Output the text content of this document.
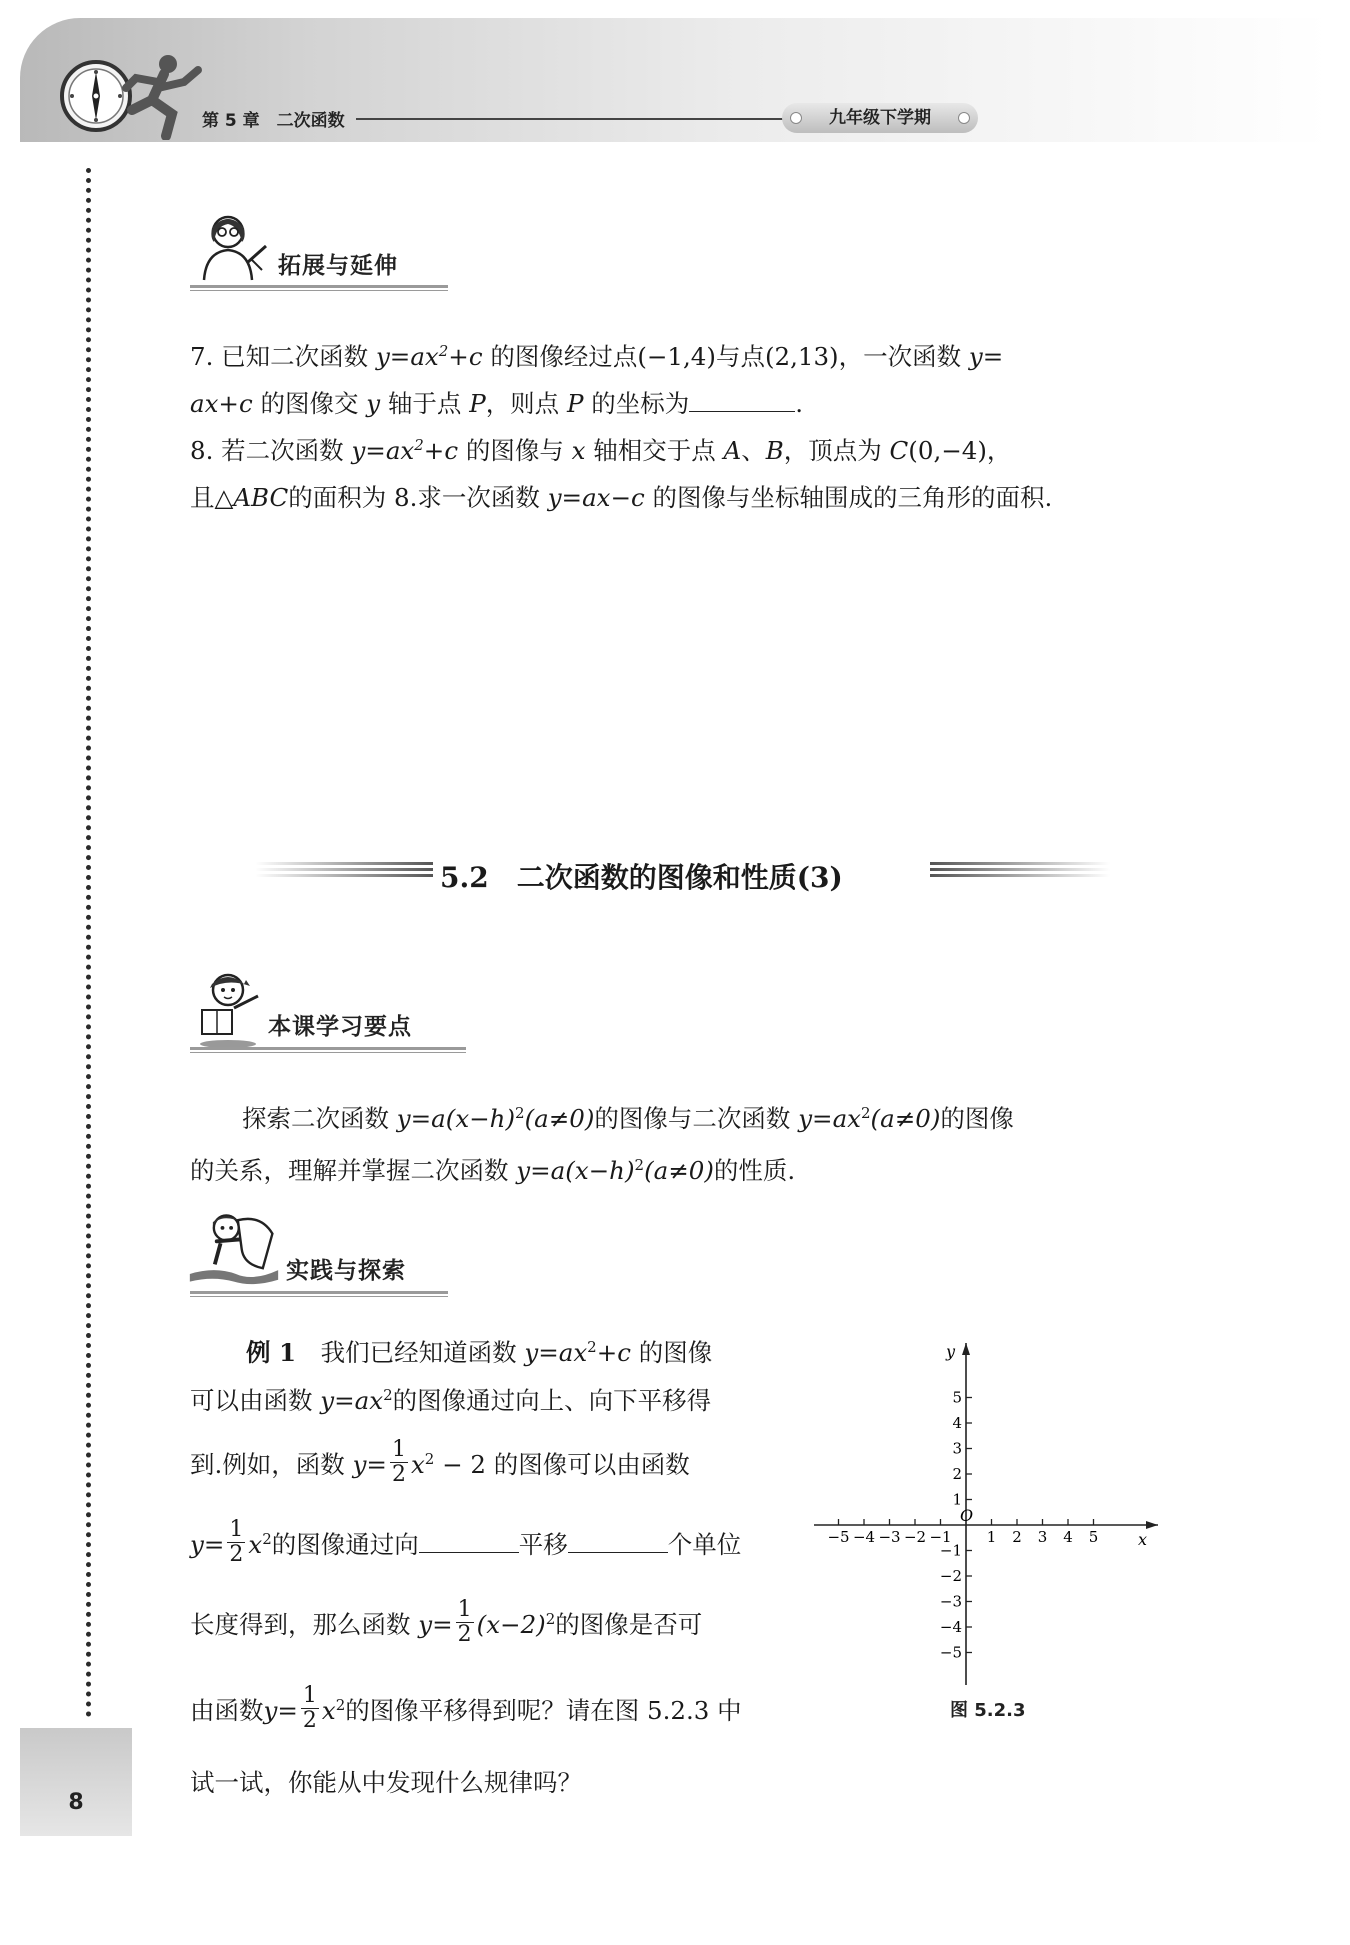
第 5 章　二次函数	九年级下学期
8
拓展与延伸
7. 已知二次函数 $y=ax^2+c$ 的图像经过点(−1,4)与点(2,13)，一次函数 y=
ax+c 的图像交 y 轴于点 P，则点 P 的坐标为	.
8. 若二次函数 $y=ax^2+c$ 的图像与 x 轴相交于点 A、B，顶点为 C(0,−4)，
且△ABC的面积为 8.求一次函数 y=ax−c 的图像与坐标轴围成的三角形的面积.
5.2　二次函数的图像和性质(3)
本课学习要点
探索二次函数 $y=a(x-h)^2(a\ne 0)$的图像与二次函数 $y=ax^2(a\ne 0)$的图像
的关系，理解并掌握二次函数 $y=a(x-h)^2(a\ne 0)$的性质.
实践与探索
例 1　我们已经知道函数 $y=ax^2+c$ 的图像
可以由函数 $y=ax^2$的图像通过向上、向下平移得
到.例如，函数 $y= \frac{1}{2} x^2 - 2$ 的图像可以由函数
$y= \frac{1}{2} x^2$的图像通过向	平移	个单位
长度得到，那么函数 $y= \frac{1}{2} (x-2)^2$的图像是否可
由函数$y= \frac{1}{2} x^2$的图像平移得到呢？请在图 5.2.3 中
试一试，你能从中发现什么规律吗？
x
y
O
−5 −4 −3 −2 −1 1 2 3 4 5
5
4
3
2
1
−1
−2
−3
−4
−5
图 5.2.3
